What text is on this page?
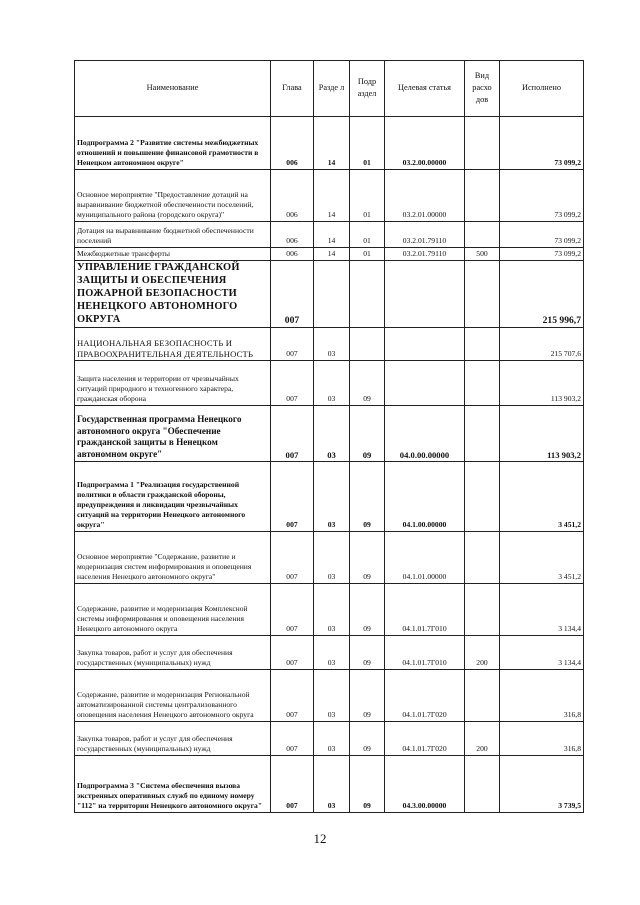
Наименование	Глава	Разде л	Подр аздел	Целевая статья	Вид расхо дов	Исполнено
Подпрограмма 2 "Развитие системы межбюджетных отношений и повышение финансовой грамотности в Ненецком автономном округе"	006	14	01	03.2.00.00000		73 099,2
Основное мероприятие "Предоставление дотаций на выравнивание бюджетной обеспеченности поселений, муниципального района (городского округа)"	006	14	01	03.2.01.00000		73 099,2
Дотация на выравнивание бюджетной обеспеченности поселений	006	14	01	03.2.01.79110		73 099,2
Межбюджетные трансферты	006	14	01	03.2.01.79110	500	73 099,2
УПРАВЛЕНИЕ ГРАЖДАНСКОЙ ЗАЩИТЫ И ОБЕСПЕЧЕНИЯ ПОЖАРНОЙ БЕЗОПАСНОСТИ НЕНЕЦКОГО АВТОНОМНОГО ОКРУГА	007					215 996,7
НАЦИОНАЛЬНАЯ БЕЗОПАСНОСТЬ И ПРАВООХРАНИТЕЛЬНАЯ ДЕЯТЕЛЬНОСТЬ	007	03				215 707,6
Защита населения и территории от чрезвычайных ситуаций природного и техногенного характера, гражданская оборона	007	03	09			113 903,2
Государственная программа Ненецкого автономного округа "Обеспечение гражданской защиты в Ненецком автономном округе"	007	03	09	04.0.00.00000		113 903,2
Подпрограмма 1 "Реализация государственной политики в области гражданской обороны, предупреждения и ликвидации чрезвычайных ситуаций на территории Ненецкого автономного округа"	007	03	09	04.1.00.00000		3 451,2
Основное мероприятие "Содержание, развитие и модернизация систем информирования и оповещения населения Ненецкого автономного округа"	007	03	09	04.1.01.00000		3 451,2
Содержание, развитие и модернизация Комплексной системы информирования и оповещения населения Ненецкого автономного округа	007	03	09	04.1.01.7Г010		3 134,4
Закупка товаров, работ и услуг для обеспечения государственных (муниципальных) нужд	007	03	09	04.1.01.7Г010	200	3 134,4
Содержание, развитие и модернизация Региональной автоматизированной системы централизованного оповещения населения Ненецкого автономного округа	007	03	09	04.1.01.7Г020		316,8
Закупка товаров, работ и услуг для обеспечения государственных (муниципальных) нужд	007	03	09	04.1.01.7Г020	200	316,8
Подпрограмма 3 "Система обеспечения вызова экстренных оперативных служб по единому номеру "112" на территории Ненецкого автономного округа"	007	03	09	04.3.00.00000		3 739,5
12
